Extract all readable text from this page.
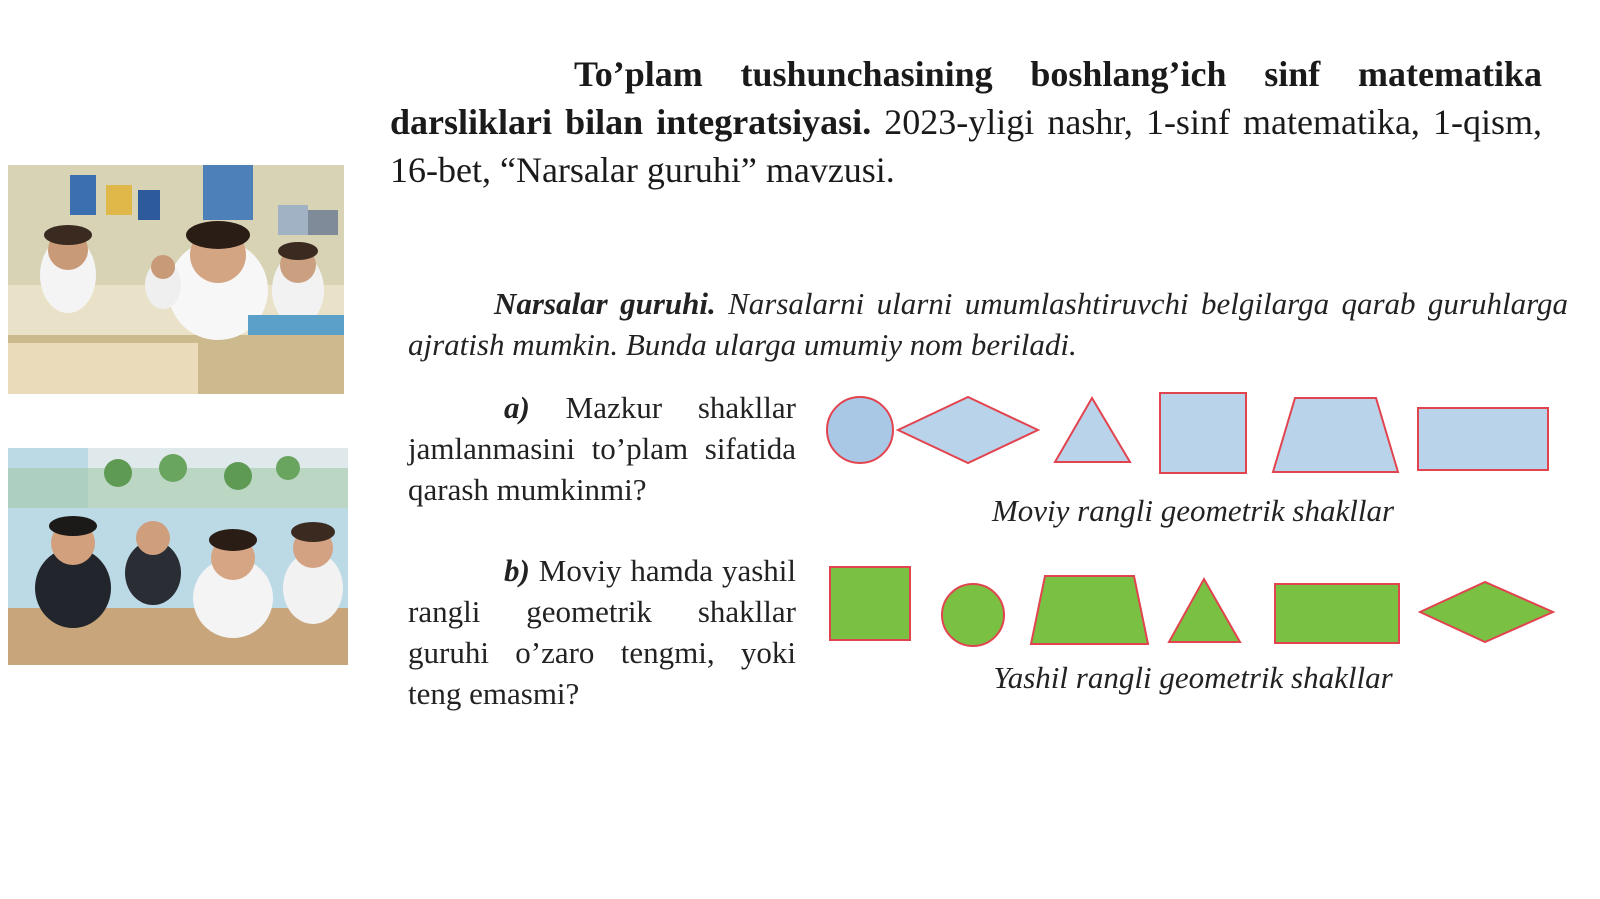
To’plam tushunchasining boshlang’ich sinf matematika darsliklari bilan integratsiyasi. 2023-yligi nashr, 1-sinf matematika, 1-qism, 16-bet, “Narsalar guruhi” mavzusi.

Narsalar guruhi. Narsalarni ularni umumlashtiruvchi belgilarga qarab guruhlarga ajratish mumkin. Bunda ularga umumiy nom beriladi.

a) Mazkur shakllar jamlanmasini to’plam sifatida qarash mumkinmi?

b) Moviy hamda yashil rangli geometrik shakllar guruhi o’zaro tengmi, yoki teng emasmi?

Moviy rangli geometrik shakllar

Yashil rangli geometrik shakllar
